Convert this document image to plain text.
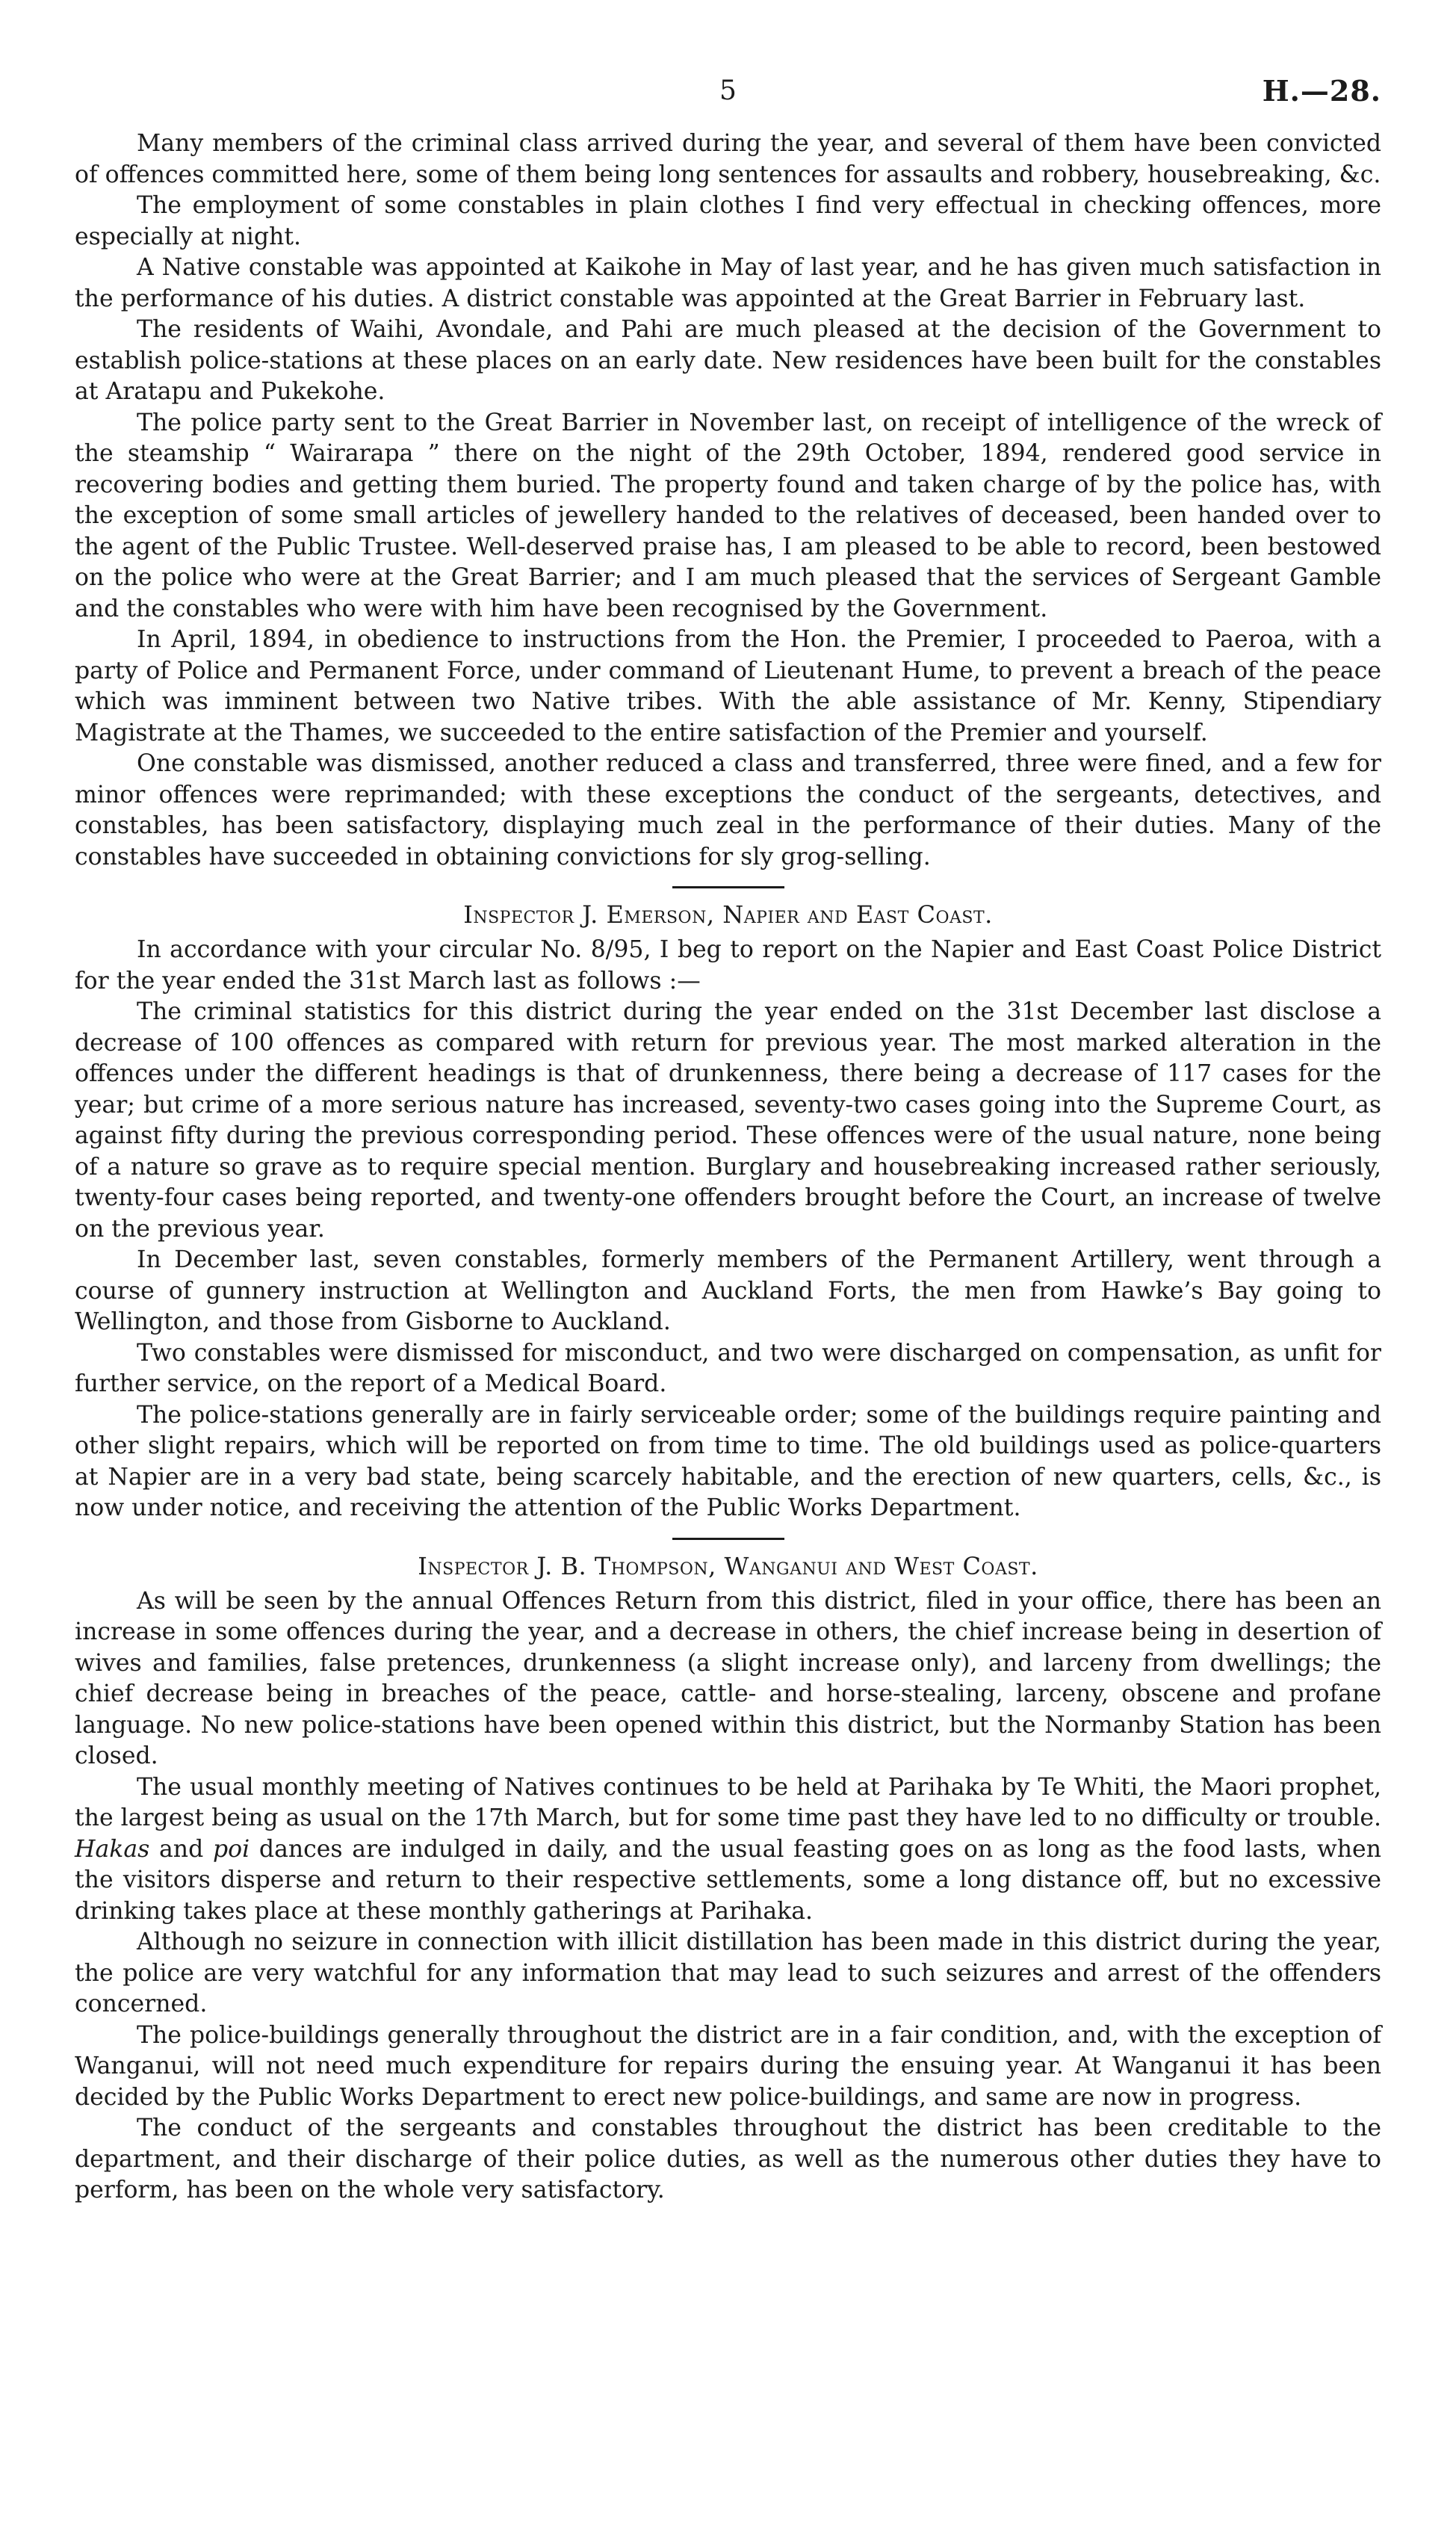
5	H.—28.

Many members of the criminal class arrived during the year, and several of them have been convicted of offences committed here, some of them being long sentences for assaults and robbery, housebreaking, &c.

The employment of some constables in plain clothes I find very effectual in checking offences, more especially at night.

A Native constable was appointed at Kaikohe in May of last year, and he has given much satisfaction in the performance of his duties. A district constable was appointed at the Great Barrier in February last.

The residents of Waihi, Avondale, and Pahi are much pleased at the decision of the Government to establish police-stations at these places on an early date. New residences have been built for the constables at Aratapu and Pukekohe.

The police party sent to the Great Barrier in November last, on receipt of intelligence of the wreck of the steamship “ Wairarapa ” there on the night of the 29th October, 1894, rendered good service in recovering bodies and getting them buried. The property found and taken charge of by the police has, with the exception of some small articles of jewellery handed to the relatives of deceased, been handed over to the agent of the Public Trustee. Well-deserved praise has, I am pleased to be able to record, been bestowed on the police who were at the Great Barrier; and I am much pleased that the services of Sergeant Gamble and the constables who were with him have been recognised by the Government.

In April, 1894, in obedience to instructions from the Hon. the Premier, I proceeded to Paeroa, with a party of Police and Permanent Force, under command of Lieutenant Hume, to prevent a breach of the peace which was imminent between two Native tribes. With the able assistance of Mr. Kenny, Stipendiary Magistrate at the Thames, we succeeded to the entire satisfaction of the Premier and yourself.

One constable was dismissed, another reduced a class and transferred, three were fined, and a few for minor offences were reprimanded; with these exceptions the conduct of the sergeants, detectives, and constables, has been satisfactory, displaying much zeal in the performance of their duties. Many of the constables have succeeded in obtaining convictions for sly grog-selling.

Inspector J. Emerson, Napier and East Coast.

In accordance with your circular No. 8/95, I beg to report on the Napier and East Coast Police District for the year ended the 31st March last as follows :—

The criminal statistics for this district during the year ended on the 31st December last disclose a decrease of 100 offences as compared with return for previous year. The most marked alteration in the offences under the different headings is that of drunkenness, there being a decrease of 117 cases for the year; but crime of a more serious nature has increased, seventy-two cases going into the Supreme Court, as against fifty during the previous corresponding period. These offences were of the usual nature, none being of a nature so grave as to require special mention. Burglary and housebreaking increased rather seriously, twenty-four cases being reported, and twenty-one offenders brought before the Court, an increase of twelve on the previous year.

In December last, seven constables, formerly members of the Permanent Artillery, went through a course of gunnery instruction at Wellington and Auckland Forts, the men from Hawke’s Bay going to Wellington, and those from Gisborne to Auckland.

Two constables were dismissed for misconduct, and two were discharged on compensation, as unfit for further service, on the report of a Medical Board.

The police-stations generally are in fairly serviceable order; some of the buildings require painting and other slight repairs, which will be reported on from time to time. The old buildings used as police-quarters at Napier are in a very bad state, being scarcely habitable, and the erection of new quarters, cells, &c., is now under notice, and receiving the attention of the Public Works Department.

Inspector J. B. Thompson, Wanganui and West Coast.

As will be seen by the annual Offences Return from this district, filed in your office, there has been an increase in some offences during the year, and a decrease in others, the chief increase being in desertion of wives and families, false pretences, drunkenness (a slight increase only), and larceny from dwellings; the chief decrease being in breaches of the peace, cattle- and horse-stealing, larceny, obscene and profane language. No new police-stations have been opened within this district, but the Normanby Station has been closed.

The usual monthly meeting of Natives continues to be held at Parihaka by Te Whiti, the Maori prophet, the largest being as usual on the 17th March, but for some time past they have led to no difficulty or trouble. Hakas and poi dances are indulged in daily, and the usual feasting goes on as long as the food lasts, when the visitors disperse and return to their respective settlements, some a long distance off, but no excessive drinking takes place at these monthly gatherings at Parihaka.

Although no seizure in connection with illicit distillation has been made in this district during the year, the police are very watchful for any information that may lead to such seizures and arrest of the offenders concerned.

The police-buildings generally throughout the district are in a fair condition, and, with the exception of Wanganui, will not need much expenditure for repairs during the ensuing year. At Wanganui it has been decided by the Public Works Department to erect new police-buildings, and same are now in progress.

The conduct of the sergeants and constables throughout the district has been creditable to the department, and their discharge of their police duties, as well as the numerous other duties they have to perform, has been on the whole very satisfactory.
